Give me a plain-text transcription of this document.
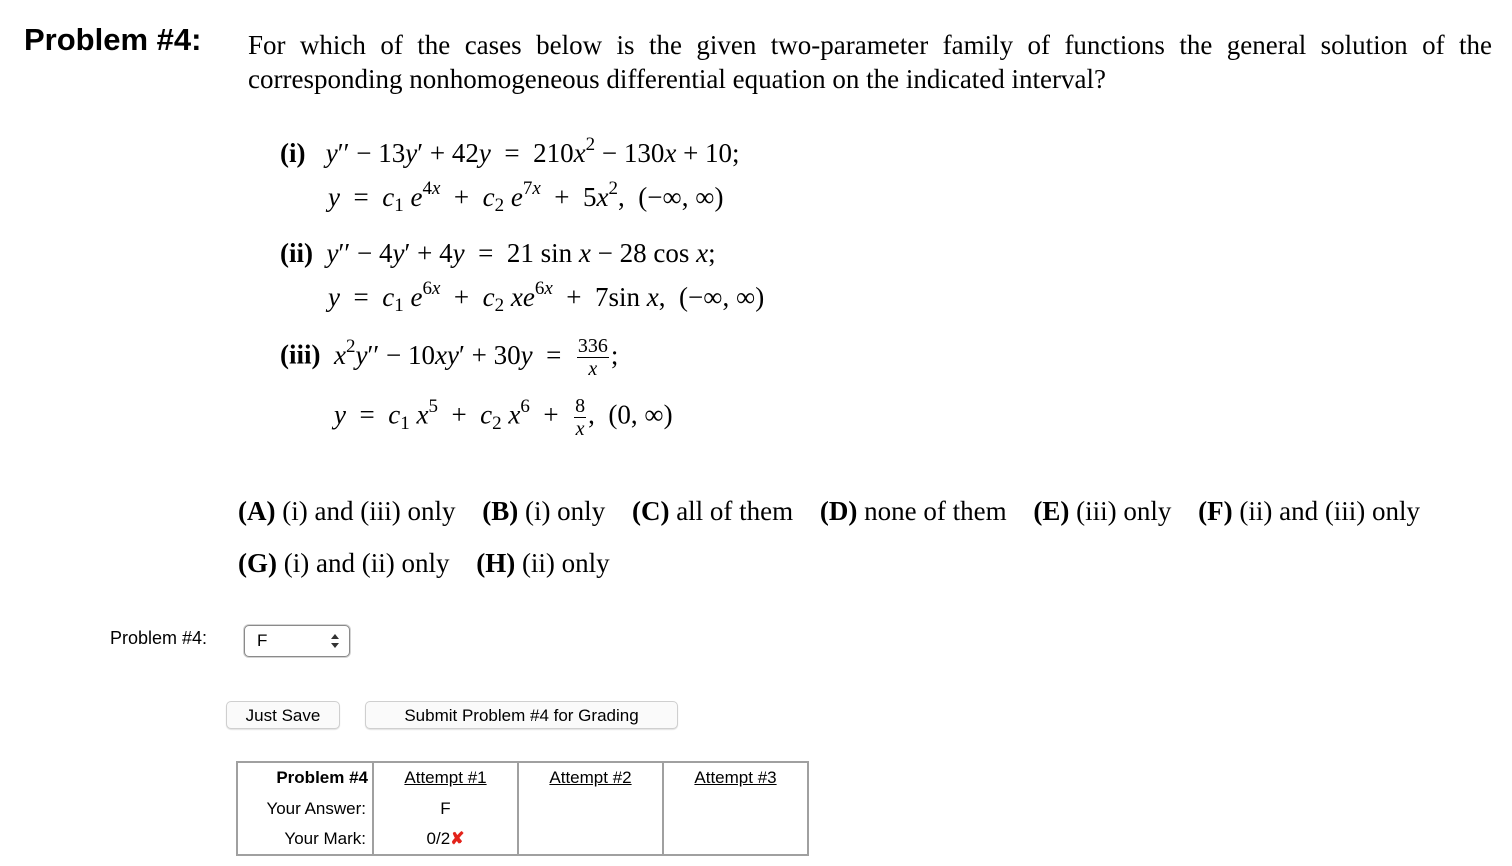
Problem #4: For which of the cases below is the given two-parameter family of functions the general solution of the corresponding nonhomogeneous differential equation on the indicated interval?
(i) $y'' - 13y' + 42y = 210x^2 - 130x + 10$;
$y = c_1$ $e^{4x} + c_2$ $e^{7x} + 5x^2$,  (−∞, ∞)
(ii) y′′ − 4y′ + 4y  =  21 sin x − 28 cos x;
$y = c_1$ $e^{6x} + c_2$ $xe^{6x} + 7\sin$ x,  (−∞, ∞)
(iii) $x^2y'' - 10xy' + 30y = \frac{336}{x}$ ;
$y = c_1$ $x^5 + c_2$ $x^6 + \frac{8}{x}$ ,  (0, ∞)
(A) (i) and (iii) only (B) (i) only (C) all of them (D) none of them (E) (iii) only (F) (ii) and (iii) only
(G) (i) and (ii) only (H) (ii) only
Problem #4:	F
Just Save	Submit Problem #4 for Grading
Problem #4	Attempt #1	Attempt #2	Attempt #3
Your Answer:	F		
Your Mark:	0/2✘		
